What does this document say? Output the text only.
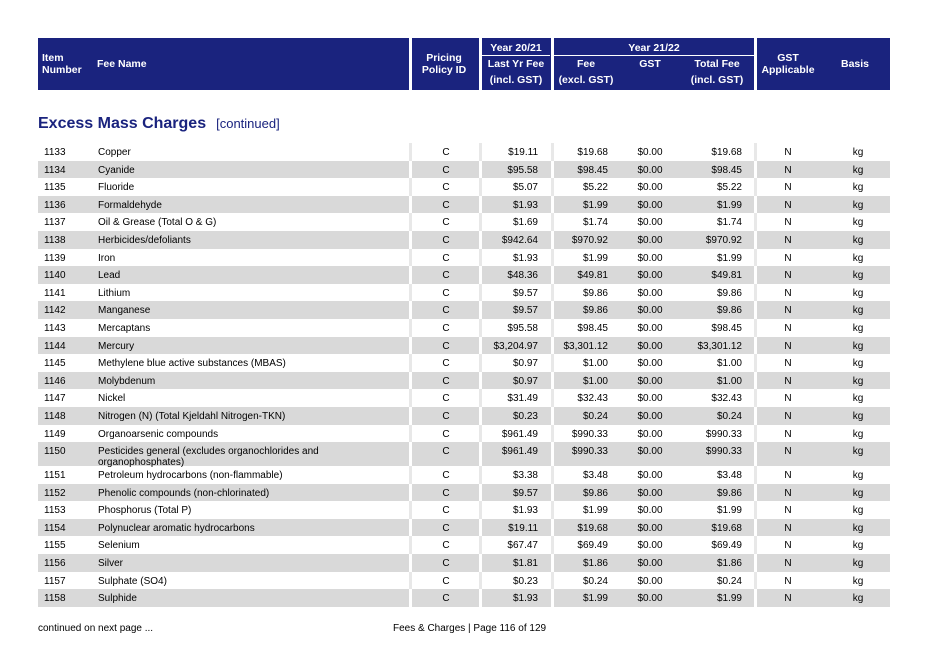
Item
Number Fee Name	Pricing
Policy ID
Year 20/21
Last Yr Fee
(incl. GST)
Year 21/22
Fee
(excl. GST)
GST	Total Fee
(incl. GST)
GST
Applicable	Basis
Excess Mass Charges [continued]
1133	Copper	C	$19.11	$19.68	$0.00	$19.68	N	kg
1134	Cyanide	C	$95.58	$98.45	$0.00	$98.45	N	kg
1135	Fluoride	C	$5.07	$5.22	$0.00	$5.22	N	kg
1136	Formaldehyde	C	$1.93	$1.99	$0.00	$1.99	N	kg
1137	Oil & Grease (Total O & G)	C	$1.69	$1.74	$0.00	$1.74	N	kg
1138	Herbicides/defoliants	C	$942.64	$970.92	$0.00	$970.92	N	kg
1139	Iron	C	$1.93	$1.99	$0.00	$1.99	N	kg
1140	Lead	C	$48.36	$49.81	$0.00	$49.81	N	kg
1141	Lithium	C	$9.57	$9.86	$0.00	$9.86	N	kg
1142	Manganese	C	$9.57	$9.86	$0.00	$9.86	N	kg
1143	Mercaptans	C	$95.58	$98.45	$0.00	$98.45	N	kg
1144	Mercury	C	$3,204.97	$3,301.12	$0.00	$3,301.12	N	kg
1145	Methylene blue active substances (MBAS)	C	$0.97	$1.00	$0.00	$1.00	N	kg
1146	Molybdenum	C	$0.97	$1.00	$0.00	$1.00	N	kg
1147	Nickel	C	$31.49	$32.43	$0.00	$32.43	N	kg
1148	Nitrogen (N) (Total Kjeldahl Nitrogen-TKN)	C	$0.23	$0.24	$0.00	$0.24	N	kg
1149	Organoarsenic compounds	C	$961.49	$990.33	$0.00	$990.33	N	kg
1150	Pesticides general (excludes organochlorides and organophosphates)
C	$961.49	$990.33	$0.00	$990.33	N	kg
1151	Petroleum hydrocarbons (non-flammable)	C	$3.38	$3.48	$0.00	$3.48	N	kg
1152	Phenolic compounds (non-chlorinated)	C	$9.57	$9.86	$0.00	$9.86	N	kg
1153	Phosphorus (Total P)	C	$1.93	$1.99	$0.00	$1.99	N	kg
1154	Polynuclear aromatic hydrocarbons	C	$19.11	$19.68	$0.00	$19.68	N	kg
1155	Selenium	C	$67.47	$69.49	$0.00	$69.49	N	kg
1156	Silver	C	$1.81	$1.86	$0.00	$1.86	N	kg
1157	Sulphate (SO4)	C	$0.23	$0.24	$0.00	$0.24	N	kg
1158	Sulphide	C	$1.93	$1.99	$0.00	$1.99	N	kg
continued on next page ...	Fees & Charges | Page 116 of 129
